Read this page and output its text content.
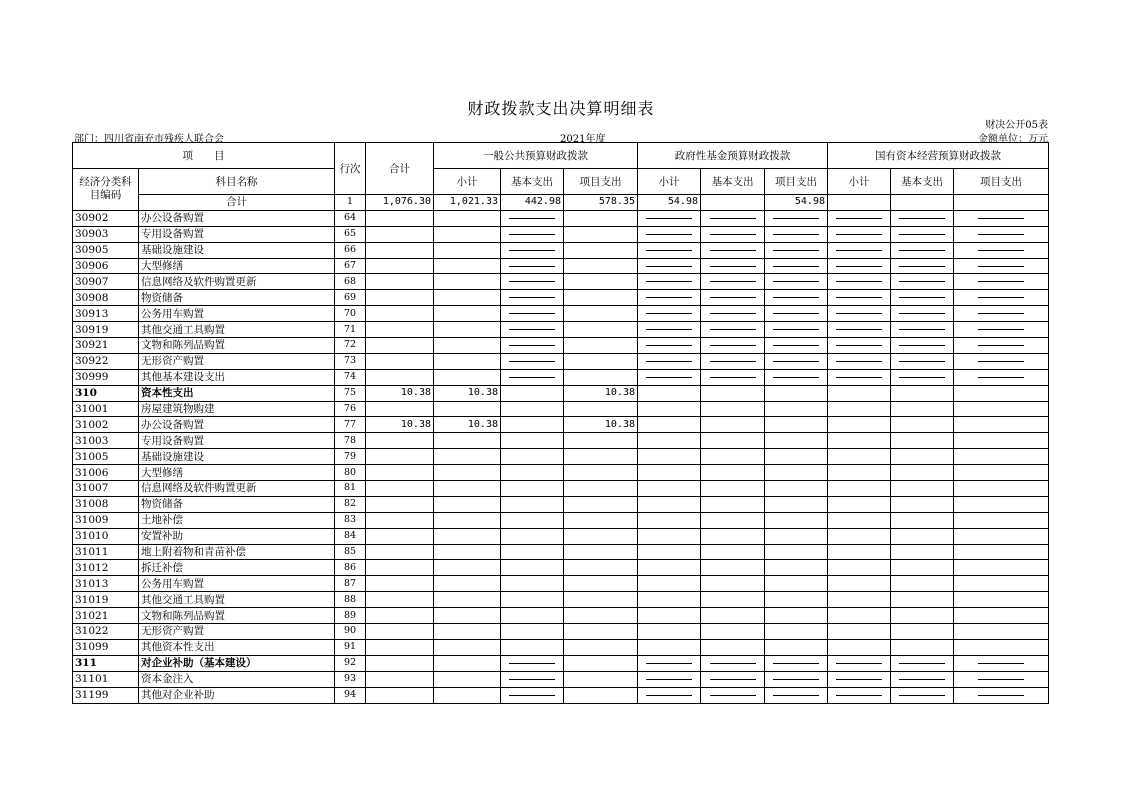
财政拨款支出决算明细表
财决公开05表
部门：四川省南充市残疾人联合会	2021年度	金额单位：万元
项　　目		行次	合计	一般公共预算财政拨款			政府性基金预算财政拨款			国有资本经营预算财政拨款		
经济分类科目编码	科目名称			小计	基本支出	项目支出	小计	基本支出	项目支出	小计	基本支出	项目支出
	合计	1	1,076.30	1,021.33	442.98	578.35	54.98		54.98			
30902	办公设备购置	64			

30903	专用设备购置	65			

30905	基础设施建设	66			

30906	大型修缮	67			

30907	信息网络及软件购置更新	68			

30908	物资储备	69			

30913	公务用车购置	70			

30919	其他交通工具购置	71			

30921	文物和陈列品购置	72			

30922	无形资产购置	73			

30999	其他基本建设支出	74			

310	资本性支出	75	10.38	10.38		10.38						
31001	房屋建筑物购建	76										
31002	办公设备购置	77	10.38	10.38		10.38						
31003	专用设备购置	78										
31005	基础设施建设	79										
31006	大型修缮	80										
31007	信息网络及软件购置更新	81										
31008	物资储备	82										
31009	土地补偿	83										
31010	安置补助	84										
31011	地上附着物和青苗补偿	85										
31012	拆迁补偿	86										
31013	公务用车购置	87										
31019	其他交通工具购置	88										
31021	文物和陈列品购置	89										
31022	无形资产购置	90										
31099	其他资本性支出	91										
311	对企业补助（基本建设）	92			

31101	资本金注入	93			

31199	其他对企业补助	94			
